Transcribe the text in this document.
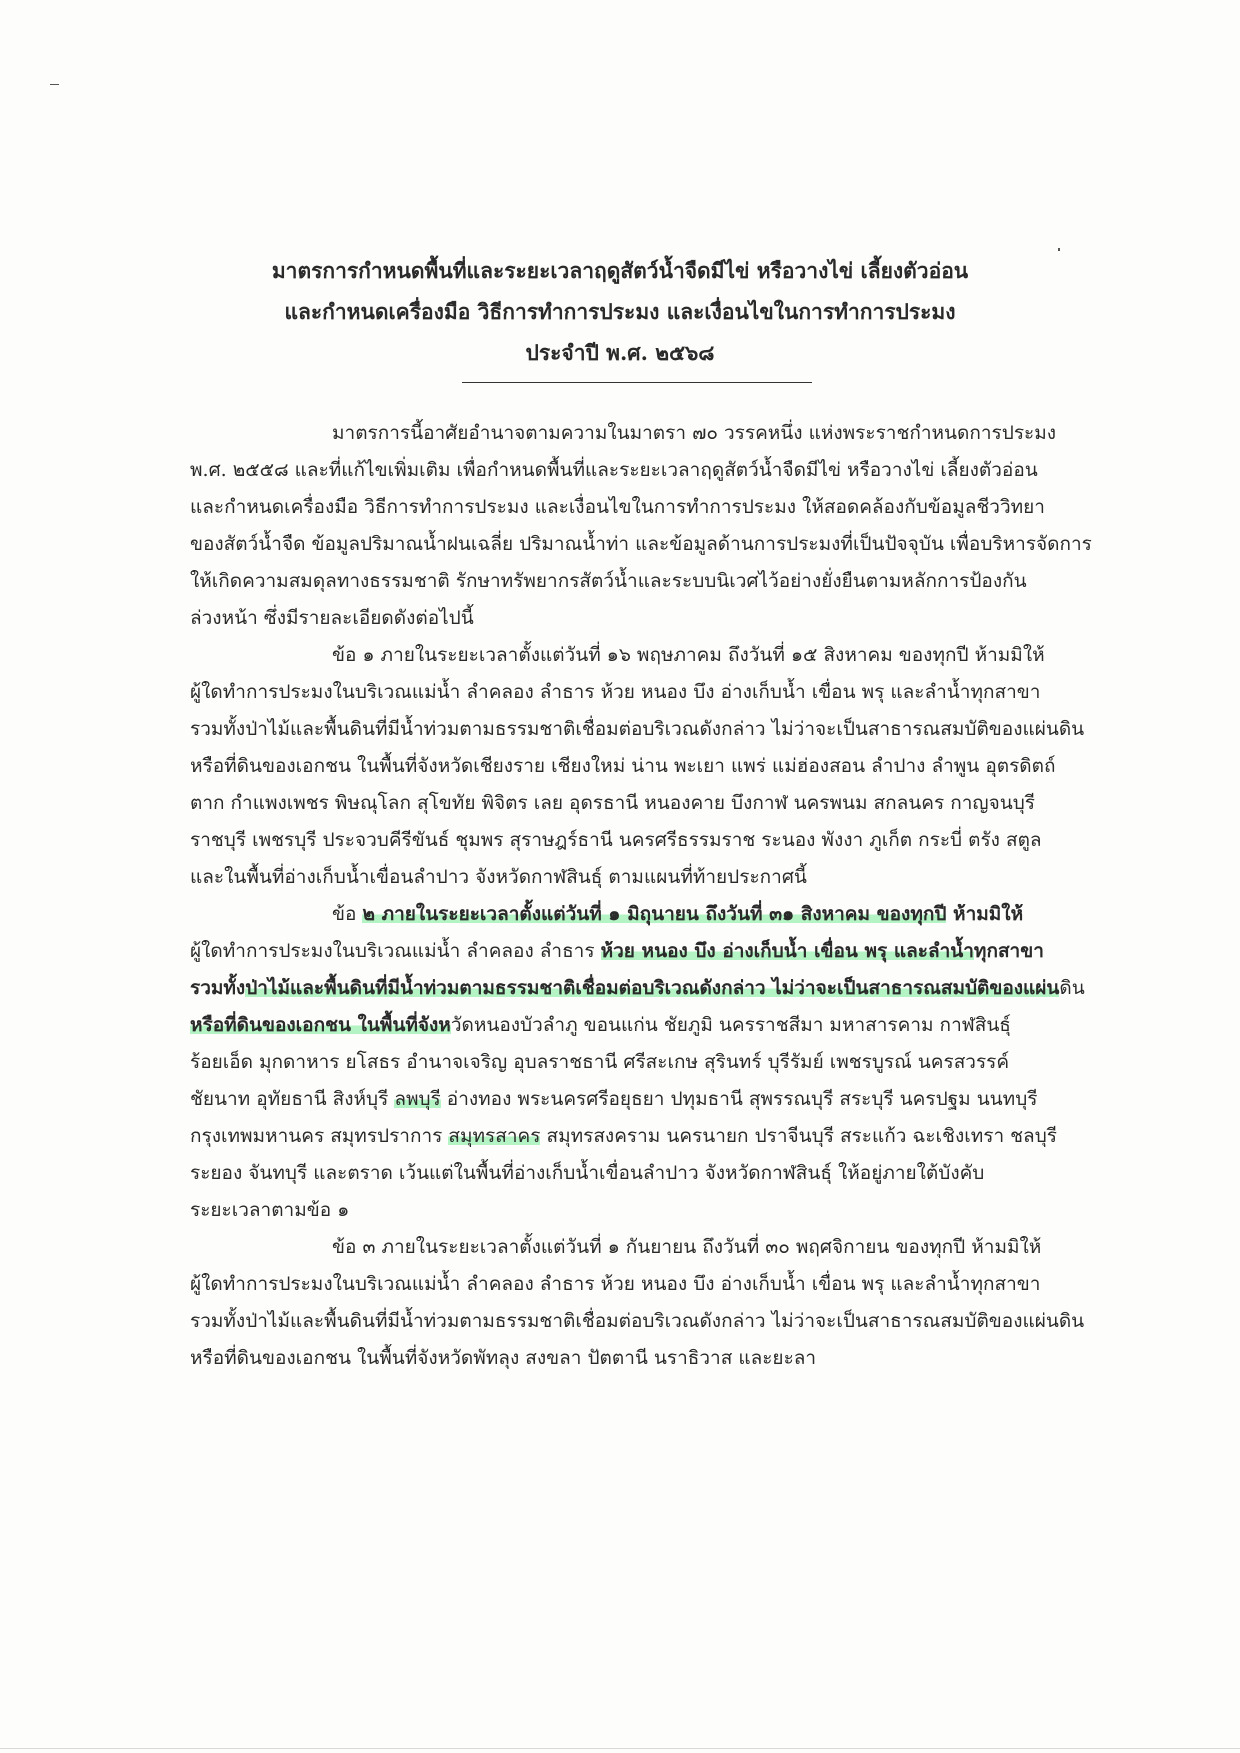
มาตรการกำหนดพื้นที่และระยะเวลาฤดูสัตว์น้ำจืดมีไข่ หรือวางไข่ เลี้ยงตัวอ่อน
และกำหนดเครื่องมือ วิธีการทำการประมง และเงื่อนไขในการทำการประมง
ประจำปี พ.ศ. ๒๕๖๘
มาตรการนี้อาศัยอำนาจตามความในมาตรา ๗๐ วรรคหนึ่ง แห่งพระราชกำหนดการประมง
พ.ศ. ๒๕๕๘ และที่แก้ไขเพิ่มเติม เพื่อกำหนดพื้นที่และระยะเวลาฤดูสัตว์น้ำจืดมีไข่ หรือวางไข่ เลี้ยงตัวอ่อน
และกำหนดเครื่องมือ วิธีการทำการประมง และเงื่อนไขในการทำการประมง ให้สอดคล้องกับข้อมูลชีววิทยา
ของสัตว์น้ำจืด ข้อมูลปริมาณน้ำฝนเฉลี่ย ปริมาณน้ำท่า และข้อมูลด้านการประมงที่เป็นปัจจุบัน เพื่อบริหารจัดการ
ให้เกิดความสมดุลทางธรรมชาติ รักษาทรัพยากรสัตว์น้ำและระบบนิเวศไว้อย่างยั่งยืนตามหลักการป้องกัน
ล่วงหน้า ซึ่งมีรายละเอียดดังต่อไปนี้
ข้อ ๑ ภายในระยะเวลาตั้งแต่วันที่ ๑๖ พฤษภาคม ถึงวันที่ ๑๕ สิงหาคม ของทุกปี ห้ามมิให้
ผู้ใดทำการประมงในบริเวณแม่น้ำ ลำคลอง ลำธาร ห้วย หนอง บึง อ่างเก็บน้ำ เขื่อน พรุ และลำน้ำทุกสาขา
รวมทั้งป่าไม้และพื้นดินที่มีน้ำท่วมตามธรรมชาติเชื่อมต่อบริเวณดังกล่าว ไม่ว่าจะเป็นสาธารณสมบัติของแผ่นดิน
หรือที่ดินของเอกชน ในพื้นที่จังหวัดเชียงราย เชียงใหม่ น่าน พะเยา แพร่ แม่ฮ่องสอน ลำปาง ลำพูน อุตรดิตถ์
ตาก กำแพงเพชร พิษณุโลก สุโขทัย พิจิตร เลย อุดรธานี หนองคาย บึงกาฬ นครพนม สกลนคร กาญจนบุรี
ราชบุรี เพชรบุรี ประจวบคีรีขันธ์ ชุมพร สุราษฎร์ธานี นครศรีธรรมราช ระนอง พังงา ภูเก็ต กระบี่ ตรัง สตูล
และในพื้นที่อ่างเก็บน้ำเขื่อนลำปาว จังหวัดกาฬสินธุ์ ตามแผนที่ท้ายประกาศนี้
ข้อ ๒ ภายในระยะเวลาตั้งแต่วันที่ ๑ มิถุนายน ถึงวันที่ ๓๑ สิงหาคม ของทุกปี ห้ามมิให้
ผู้ใดทำการประมงในบริเวณแม่น้ำ ลำคลอง ลำธาร ห้วย หนอง บึง อ่างเก็บน้ำ เขื่อน พรุ และลำน้ำทุกสาขา
รวมทั้งป่าไม้และพื้นดินที่มีน้ำท่วมตามธรรมชาติเชื่อมต่อบริเวณดังกล่าว ไม่ว่าจะเป็นสาธารณสมบัติของแผ่นดิน
หรือที่ดินของเอกชน ในพื้นที่จังหวัดหนองบัวลำภู ขอนแก่น ชัยภูมิ นครราชสีมา มหาสารคาม กาฬสินธุ์
ร้อยเอ็ด มุกดาหาร ยโสธร อำนาจเจริญ อุบลราชธานี ศรีสะเกษ สุรินทร์ บุรีรัมย์ เพชรบูรณ์ นครสวรรค์
ชัยนาท อุทัยธานี สิงห์บุรี ลพบุรี อ่างทอง พระนครศรีอยุธยา ปทุมธานี สุพรรณบุรี สระบุรี นครปฐม นนทบุรี
กรุงเทพมหานคร สมุทรปราการ สมุทรสาคร สมุทรสงคราม นครนายก ปราจีนบุรี สระแก้ว ฉะเชิงเทรา ชลบุรี
ระยอง จันทบุรี และตราด เว้นแต่ในพื้นที่อ่างเก็บน้ำเขื่อนลำปาว จังหวัดกาฬสินธุ์ ให้อยู่ภายใต้บังคับ
ระยะเวลาตามข้อ ๑
ข้อ ๓ ภายในระยะเวลาตั้งแต่วันที่ ๑ กันยายน ถึงวันที่ ๓๐ พฤศจิกายน ของทุกปี ห้ามมิให้
ผู้ใดทำการประมงในบริเวณแม่น้ำ ลำคลอง ลำธาร ห้วย หนอง บึง อ่างเก็บน้ำ เขื่อน พรุ และลำน้ำทุกสาขา
รวมทั้งป่าไม้และพื้นดินที่มีน้ำท่วมตามธรรมชาติเชื่อมต่อบริเวณดังกล่าว ไม่ว่าจะเป็นสาธารณสมบัติของแผ่นดิน
หรือที่ดินของเอกชน ในพื้นที่จังหวัดพัทลุง สงขลา ปัตตานี นราธิวาส และยะลา
